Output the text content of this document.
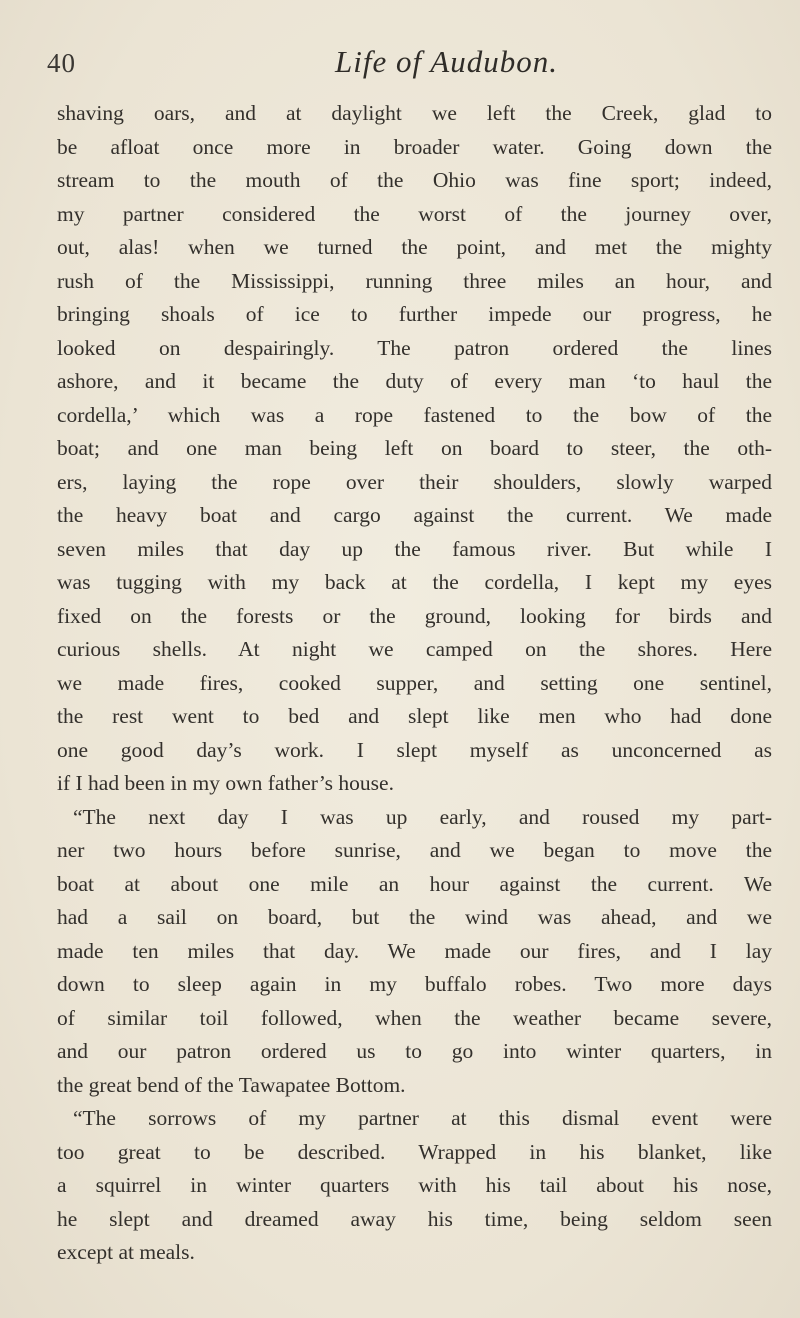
40	Life of Audubon.
shaving oars, and at daylight we left the Creek, glad to
be afloat once more in broader water. Going down the
stream to the mouth of the Ohio was fine sport; indeed,
my partner considered the worst of the journey over,
out, alas! when we turned the point, and met the mighty
rush of the Mississippi, running three miles an hour, and
bringing shoals of ice to further impede our progress, he
looked on despairingly. The patron ordered the lines
ashore, and it became the duty of every man ‘to haul the
cordella,’ which was a rope fastened to the bow of the
boat; and one man being left on board to steer, the oth-
ers, laying the rope over their shoulders, slowly warped
the heavy boat and cargo against the current. We made
seven miles that day up the famous river. But while I
was tugging with my back at the cordella, I kept my eyes
fixed on the forests or the ground, looking for birds and
curious shells. At night we camped on the shores. Here
we made fires, cooked supper, and setting one sentinel,
the rest went to bed and slept like men who had done
one good day’s work. I slept myself as unconcerned as
if I had been in my own father’s house.
“The next day I was up early, and roused my part-
ner two hours before sunrise, and we began to move the
boat at about one mile an hour against the current. We
had a sail on board, but the wind was ahead, and we
made ten miles that day. We made our fires, and I lay
down to sleep again in my buffalo robes. Two more days
of similar toil followed, when the weather became severe,
and our patron ordered us to go into winter quarters, in
the great bend of the Tawapatee Bottom.
“The sorrows of my partner at this dismal event were
too great to be described. Wrapped in his blanket, like
a squirrel in winter quarters with his tail about his nose,
he slept and dreamed away his time, being seldom seen
except at meals.
